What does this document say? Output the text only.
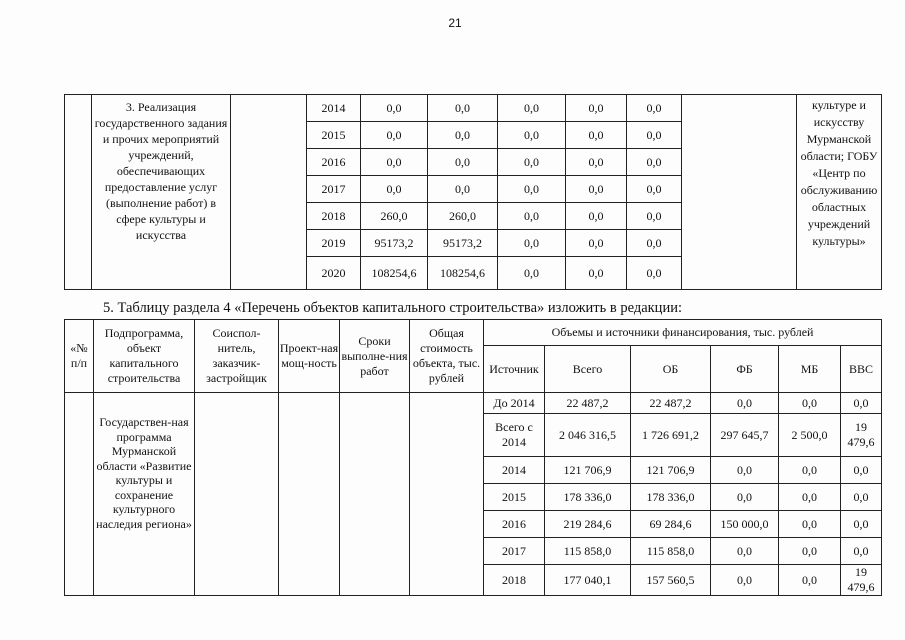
21
	3. Реализация государственного задания и прочих мероприятий учреждений, обеспечивающих предоставление услуг (выполнение работ) в сфере культуры и искусства		2014	0,0	0,0	0,0	0,0	0,0		культуре и искусству Мурманской области; ГОБУ «Центр по обслуживанию областных учреждений культуры»
			2015	0,0	0,0	0,0	0,0	0,0		
			2016	0,0	0,0	0,0	0,0	0,0		
			2017	0,0	0,0	0,0	0,0	0,0		
			2018	260,0	260,0	0,0	0,0	0,0		
			2019	95173,2	95173,2	0,0	0,0	0,0		
			2020	108254,6	108254,6	0,0	0,0	0,0		
5. Таблицу раздела 4 «Перечень объектов капитального строительства» изложить в редакции:
«№ п/п	Подпрограмма, объект капитального строительства	Соиспол-нитель, заказчик-застройщик	Проект-ная мощ-ность	Сроки выполне-ния работ	Общая стоимость объекта, тыс. рублей	Объемы и источники финансирования, тыс. рублей					
						Источник	Всего	ОБ	ФБ	МБ	ВВС
	Государствен-ная программа Мурманской области «Развитие культуры и сохранение культурного наследия региона»					До 2014	22 487,2	22 487,2	0,0	0,0	0,0
						Всего с 2014	2 046 316,5	1 726 691,2	297 645,7	2 500,0	19 479,6
						2014	121 706,9	121 706,9	0,0	0,0	0,0
						2015	178 336,0	178 336,0	0,0	0,0	0,0
						2016	219 284,6	69 284,6	150 000,0	0,0	0,0
						2017	115 858,0	115 858,0	0,0	0,0	0,0
						2018	177 040,1	157 560,5	0,0	0,0	19 479,6
